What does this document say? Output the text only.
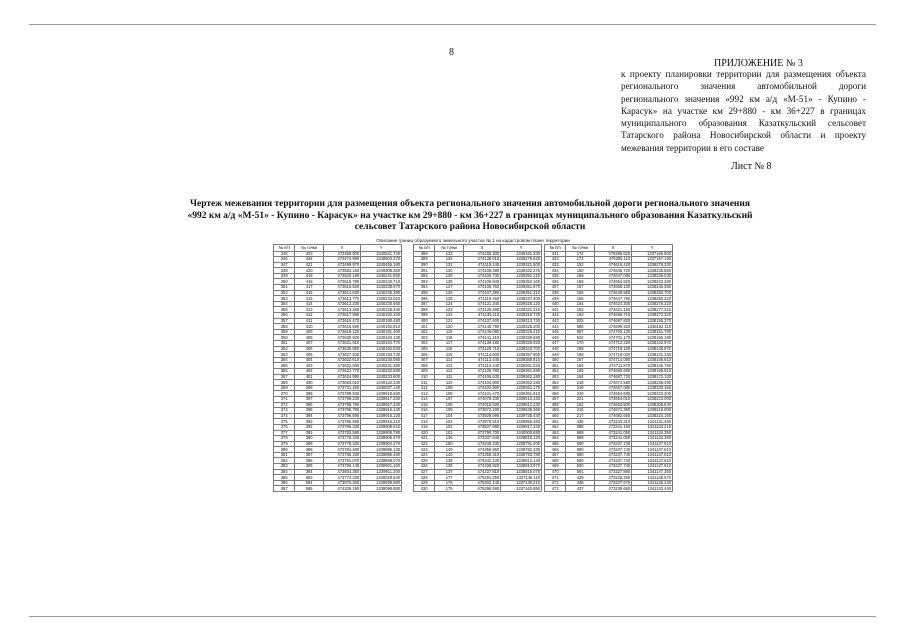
8
ПРИЛОЖЕНИЕ № 3
к проекту планировки территории для размещения объекта регионального значения автомобильной дороги регионального значения «992 км а/д «М-51» - Купино - Карасук» на участке км 29+880 - км 36+227 в границах муниципального образования Казаткульский сельсовет Татарского района Новосибирской области и проекту межевания территории в его составе
Лист № 8
Чертеж межевания территории для размещения объекта регионального значения автомобильной дороги регионального значения «992 км а/д «М-51» - Купино - Карасук» на участке км 29+880 - км 36+227 в границах муниципального образования Казаткульский сельсовет Татарского района Новосибирской области
Описание границ образуемого земельного участка № 1 на кадастровом плане территории
№ п/п	№ точки	X	Y
345	423	473458.900	1340541.740
346	422	473474.990	1340503.470
347	421	473499.970	1340456.180
348	420	473583.150	1340308.360
349	419	473620.190	1340241.550
350	418	473618.780	1340240.710
351	417	473616.920	1340238.870
352	416	473614.630	1340235.390
353	415	473613.770	1340233.010
354	414	473613.330	1340230.650
355	413	473613.260	1340228.340
356	412	473617.880	1340192.320
357	411	473615.470	1340190.480
358	410	473616.590	1340182.810
359	409	473618.120	1340181.400
360	408	473630.920	1340183.130
361	407	473631.910	1340184.770
362	406	473630.850	1340192.830
363	405	473627.930	1340193.730
364	404	473622.610	1340230.080
365	403	473622.930	1340231.380
366	402	473623.770	1340232.680
367	401	473624.990	1340233.600
368	400	473683.010	1340132.330
369	399	473731.460	1340037.120
370	398	473799.930	1339918.680
371	397	473798.230	1339917.330
372	396	473798.790	1339917.330
373	395	473798.790	1339915.130
374	394	473796.590	1339915.130
375	393	473796.590	1339916.210
376	392	473785.330	1339908.610
377	391	473783.590	1339909.780
378	390	473778.330	1339906.470
379	389	473778.330	1339904.370
380	388	473784.480	1339896.130
381	387	473786.330	1339895.480
382	386	473791.070	1339899.070
383	385	473790.140	1339901.160
384	384	473804.350	1339911.200
385	683	473774.330	1340029.640
386	684	473975.300	1339699.880
387	685	474209.190	1339098.880
№ п/п	№ точки	X	Y
388	133	474185.400	1339161.330
389	132	474138.010	1339279.620
390	131	474118.140	1339321.500
391	130	474105.480	1339332.270
392	129	474105.730	1339352.210
393	128	474106.040	1339352.100
394	127	474106.760	1339351.870
395	126	474107.380	1339351.310
396	125	474119.450	1339337.400
397	124	474131.340	1339325.120
398	123	474130.490	1339321.310
399	122	474135.110	1339315.730
400	121	474137.400	1339313.730
401	120	474145.780	1339325.200
402	119	474146.080	1339325.210
403	118	474141.210	1339330.680
404	117	474139.180	1339329.920
405	116	474128.710	1339343.700
406	115	474114.600	1339357.800
407	114	474112.440	1339359.810
408	113	474110.440	1339361.020
409	112	474108.780	1339361.690
410	111	474106.630	1339362.180
411	110	474104.800	1339362.280
412	109	474102.900	1339362.170
413	108	474101.470	1339361.810
414	107	474078.230	1339410.430
415	106	474015.030	1339512.230
416	105	473972.190	1339639.360
417	104	473929.090	1339735.440
418	103	473870.510	1339855.360
419	102	473837.990	1339917.340
420	101	473790.700	1340000.680
421	136	474337.640	1338815.120
422	150	474348.430	1338791.200
423	149	474356.860	1338782.330
424	140	474359.310	1338793.780
425	139	474342.130	1338812.140
426	138	474339.920	1338813.970
427	137	474337.810	1338815.070
428	177	475291.250	1337145.110
429	176	475302.140	1337139.210
430	175	475298.590	1337162.850
№ п/п	№ точки	X	Y
431	174	475285.520	1337165.800
432	173	475285.110	1337157.190
433	152	474618.420	1338278.330
434	160	474645.720	1338235.850
435	159	474647.090	1338236.030
436	158	474654.820	1338243.280
437	157	474655.130	1338245.350
438	156	474649.860	1338250.700
439	155	474647.750	1338250.220
440	154	474624.300	1338275.320
441	153	474621.150	1338277.310
442	163	474696.710	1338172.320
443	525	474697.820	1338155.370
444	686	474699.920	1338152.110
445	687	474700.130	1338151.790
446	522	474701.170	1338150.190
447	170	474712.320	1338132.970
448	169	474719.100	1338138.970
449	168	474719.020	1338141.340
450	167	474714.080	1338146.610
451	166	474711.870	1338145.760
452	165	474690.690	1338168.810
453	164	474687.720	1338172.130
454	218	474674.580	1338235.490
455	219	474667.080	1338230.150
456	220	474654.680	1338223.200
457	221	474654.010	1338223.000
458	162	474663.500	1338208.540
459	216	474671.350	1338216.000
460	217	474682.660	1338224.150
461	436	473243.310	1341131.460
462	688	473241.160	1341134.210
463	689	473241.050	1341134.350
464	689	473241.050	1341134.350
465	690	473237.740	1341137.610
466	690	473237.740	1341137.610
467	690	473237.740	1341137.610
468	690	473237.740	1341137.610
469	690	473237.740	1341137.610
470	691	473227.860	1341147.350
471	439	473226.250	1341145.570
472	438	473237.670	1341135.240
473	437	473239.660	1341133.440
